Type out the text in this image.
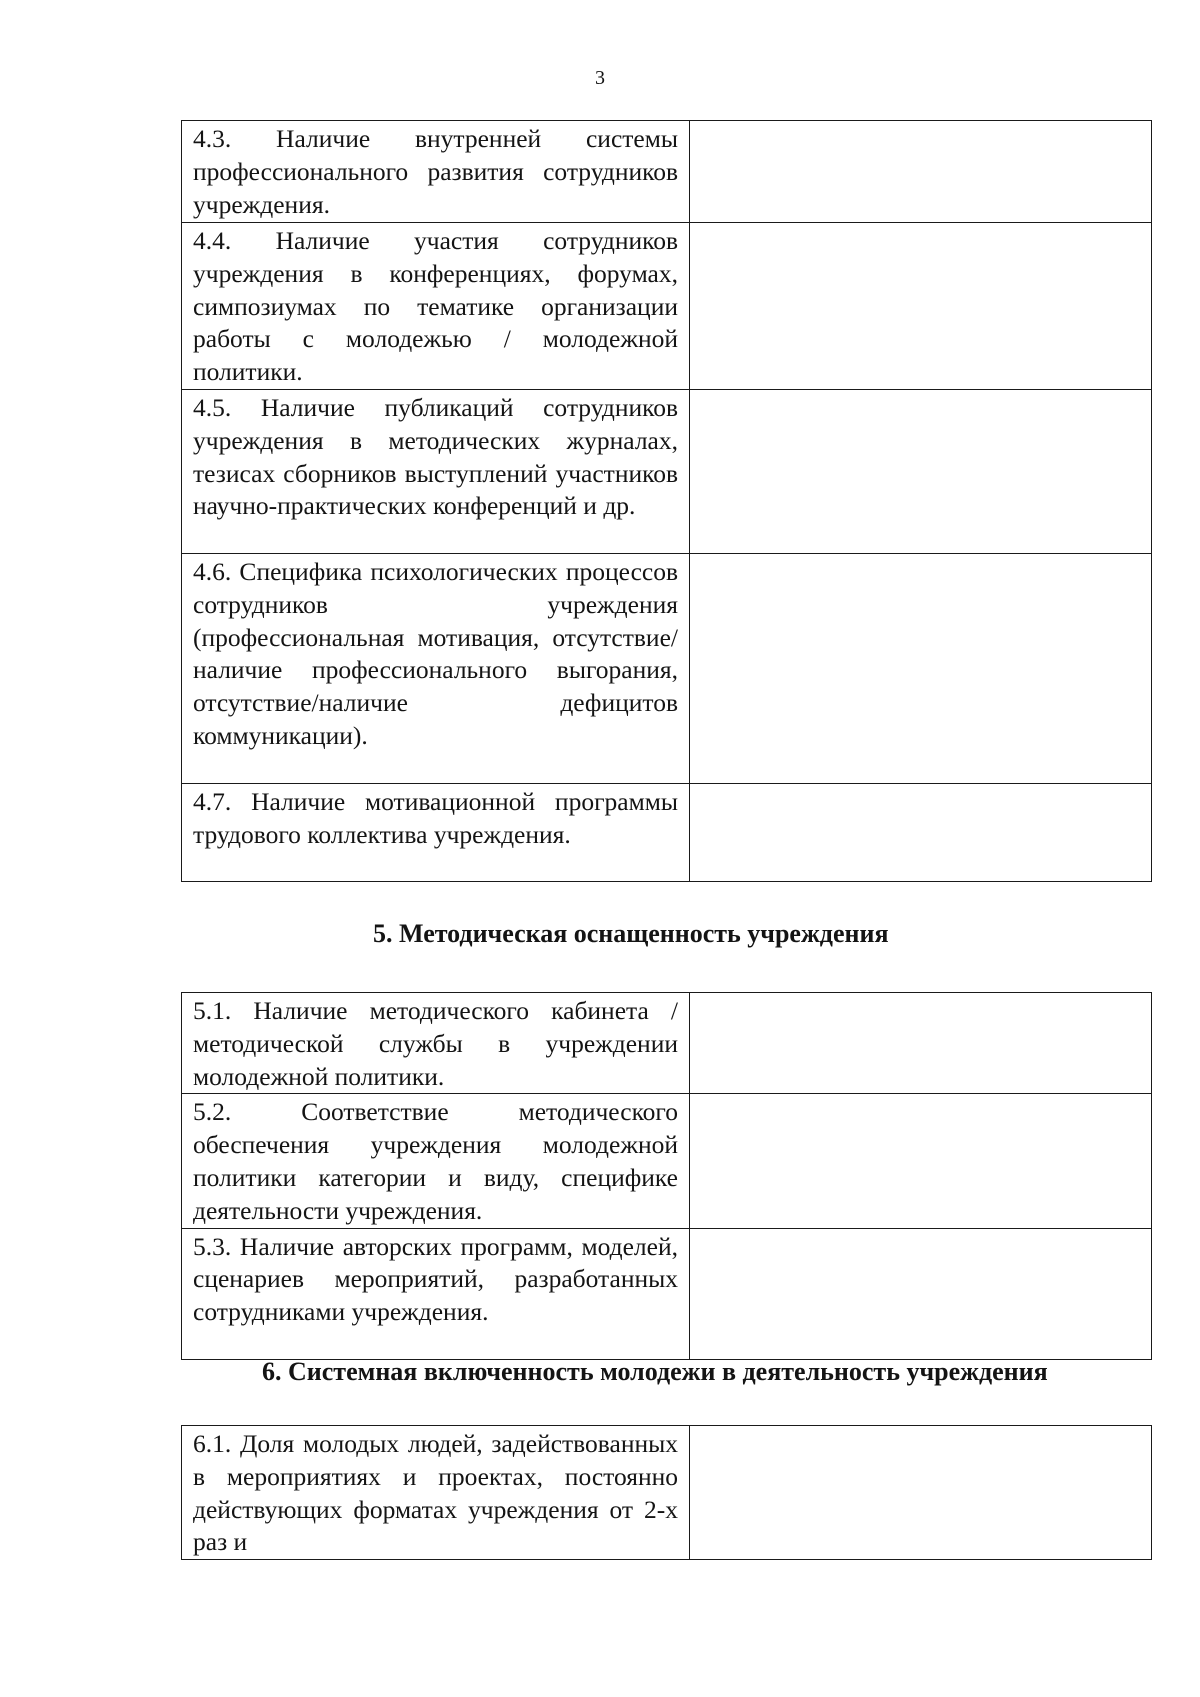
3
4.3. Наличие внутренней системы профессионального развития сотрудников учреждения.	
4.4. Наличие участия сотрудников учреждения в конференциях, форумах, симпозиумах по тематике организации работы с молодежью / молодежной политики.	
4.5. Наличие публикаций сотрудников учреждения в методических журналах, тезисах сборников выступлений участников научно-практических конференций и др.	
4.6. Специфика психологических процессов сотрудников учреждения (профессиональная мотивация, отсутствие/наличие профессионального выгорания, отсутствие/наличие дефицитов коммуникации).	
4.7. Наличие мотивационной программы трудового коллектива учреждения.	
5. Методическая оснащенность учреждения
5.1. Наличие методического кабинета / методической службы в учреждении молодежной политики.	
5.2. Соответствие методического обеспечения учреждения молодежной политики категории и виду, специфике деятельности учреждения.	
5.3. Наличие авторских программ, моделей, сценариев мероприятий, разработанных сотрудниками учреждения.	
6. Системная включенность молодежи в деятельность учреждения
6.1. Доля молодых людей, задействованных в мероприятиях и проектах, постоянно действующих форматах учреждения от 2-х раз и	
